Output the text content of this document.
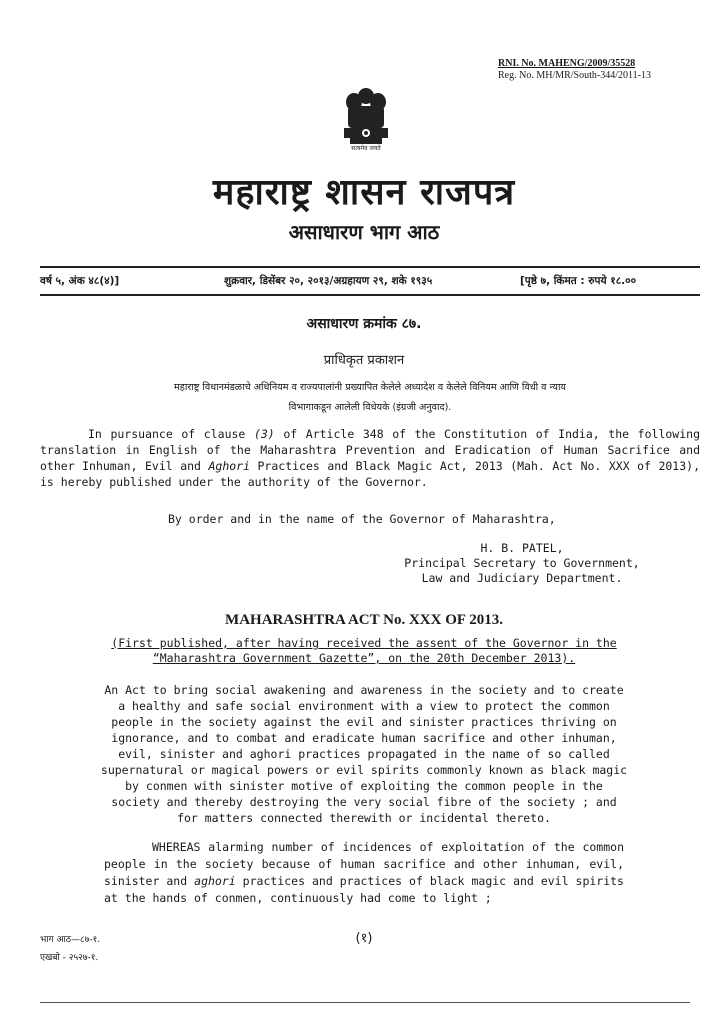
RNI. No. MAHENG/2009/35528
Reg. No. MH/MR/South-344/2011-13
सत्यमेव जयते
महाराष्ट्र शासन राजपत्र
असाधारण भाग आठ
वर्ष ५, अंक ४८(४)]	शुक्रवार, डिसेंबर २०, २०१३/अग्रहायण २९, शके १९३५	[पृष्ठे ७, किंमत : रुपये १८.००
असाधारण क्रमांक ८७.
प्राधिकृत प्रकाशन
महाराष्ट्र विधानमंडळाचे अधिनियम व राज्यपालांनी प्रख्यापित केलेले अध्यादेश व केलेले विनियम आणि विधी व न्याय
विभागाकडून आलेली विधेयके (इंग्रजी अनुवाद).
In pursuance of clause (3) of Article 348 of the Constitution of India, the following translation in English of the Maharashtra Prevention and Eradication of Human Sacrifice and other Inhuman, Evil and Aghori Practices and Black Magic Act, 2013 (Mah. Act No. XXX of 2013), is hereby published under the authority of the Governor.
By order and in the name of the Governor of Maharashtra,
H. B. PATEL,
Principal Secretary to Government,
Law and Judiciary Department.
MAHARASHTRA ACT No. XXX OF 2013.
(First published, after having received the assent of the Governor in the
“Maharashtra Government Gazette”, on the 20th December 2013).
An Act to bring social awakening and awareness in the society and to create a healthy and safe social environment with a view to protect the common people in the society against the evil and sinister practices thriving on ignorance, and to combat and eradicate human sacrifice and other inhuman, evil, sinister and aghori practices propagated in the name of so called supernatural or magical powers or evil spirits commonly known as black magic by conmen with sinister motive of exploiting the common people in the society and thereby destroying the very social fibre of the society ; and for matters connected therewith or incidental thereto.
WHEREAS alarming number of incidences of exploitation of the common people in the society because of human sacrifice and other inhuman, evil, sinister and aghori practices and practices of black magic and evil spirits at the hands of conmen, continuously had come to light ;
भाग आठ—८७-१.
एखबो - २५२७-१.
(१)
